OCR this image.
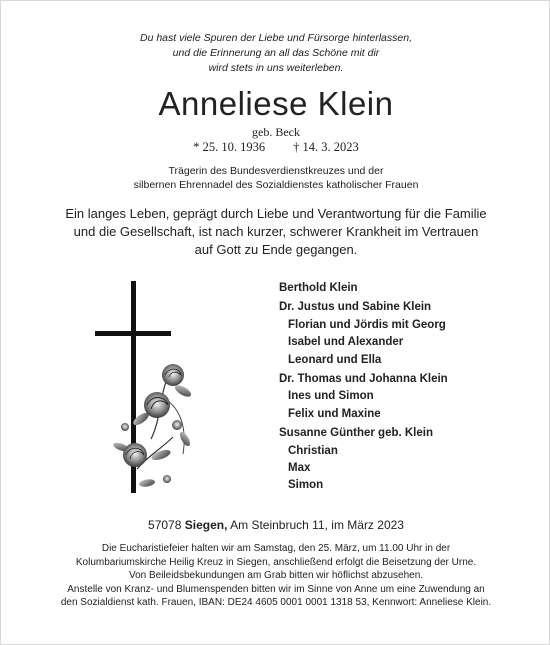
Du hast viele Spuren der Liebe und Fürsorge hinterlassen,
und die Erinnerung an all das Schöne mit dir
wird stets in uns weiterleben.
Anneliese Klein
geb. Beck
* 25. 10. 1936 † 14. 3. 2023
Trägerin des Bundesverdienstkreuzes und der
silbernen Ehrennadel des Sozialdienstes katholischer Frauen
Ein langes Leben, geprägt durch Liebe und Verantwortung für die Familie
und die Gesellschaft, ist nach kurzer, schwerer Krankheit im Vertrauen
auf Gott zu Ende gegangen.
Berthold Klein
Dr. Justus und Sabine Klein
Florian und Jördis mit Georg
Isabel und Alexander
Leonard und Ella
Dr. Thomas und Johanna Klein
Ines und Simon
Felix und Maxine
Susanne Günther geb. Klein
Christian
Max
Simon
57078 Siegen, Am Steinbruch 11, im März 2023

Die Eucharistiefeier halten wir am Samstag, den 25. März, um 11.00 Uhr in der

Kolumbariumskirche Heilig Kreuz in Siegen, anschließend erfolgt die Beisetzung der Urne.

Von Beileidsbekundungen am Grab bitten wir höflichst abzusehen.

Anstelle von Kranz- und Blumenspenden bitten wir im Sinne von Anne um eine Zuwendung an

den Sozialdienst kath. Frauen, IBAN: DE24 4605 0001 0001 1318 53, Kennwort: Anneliese Klein.
